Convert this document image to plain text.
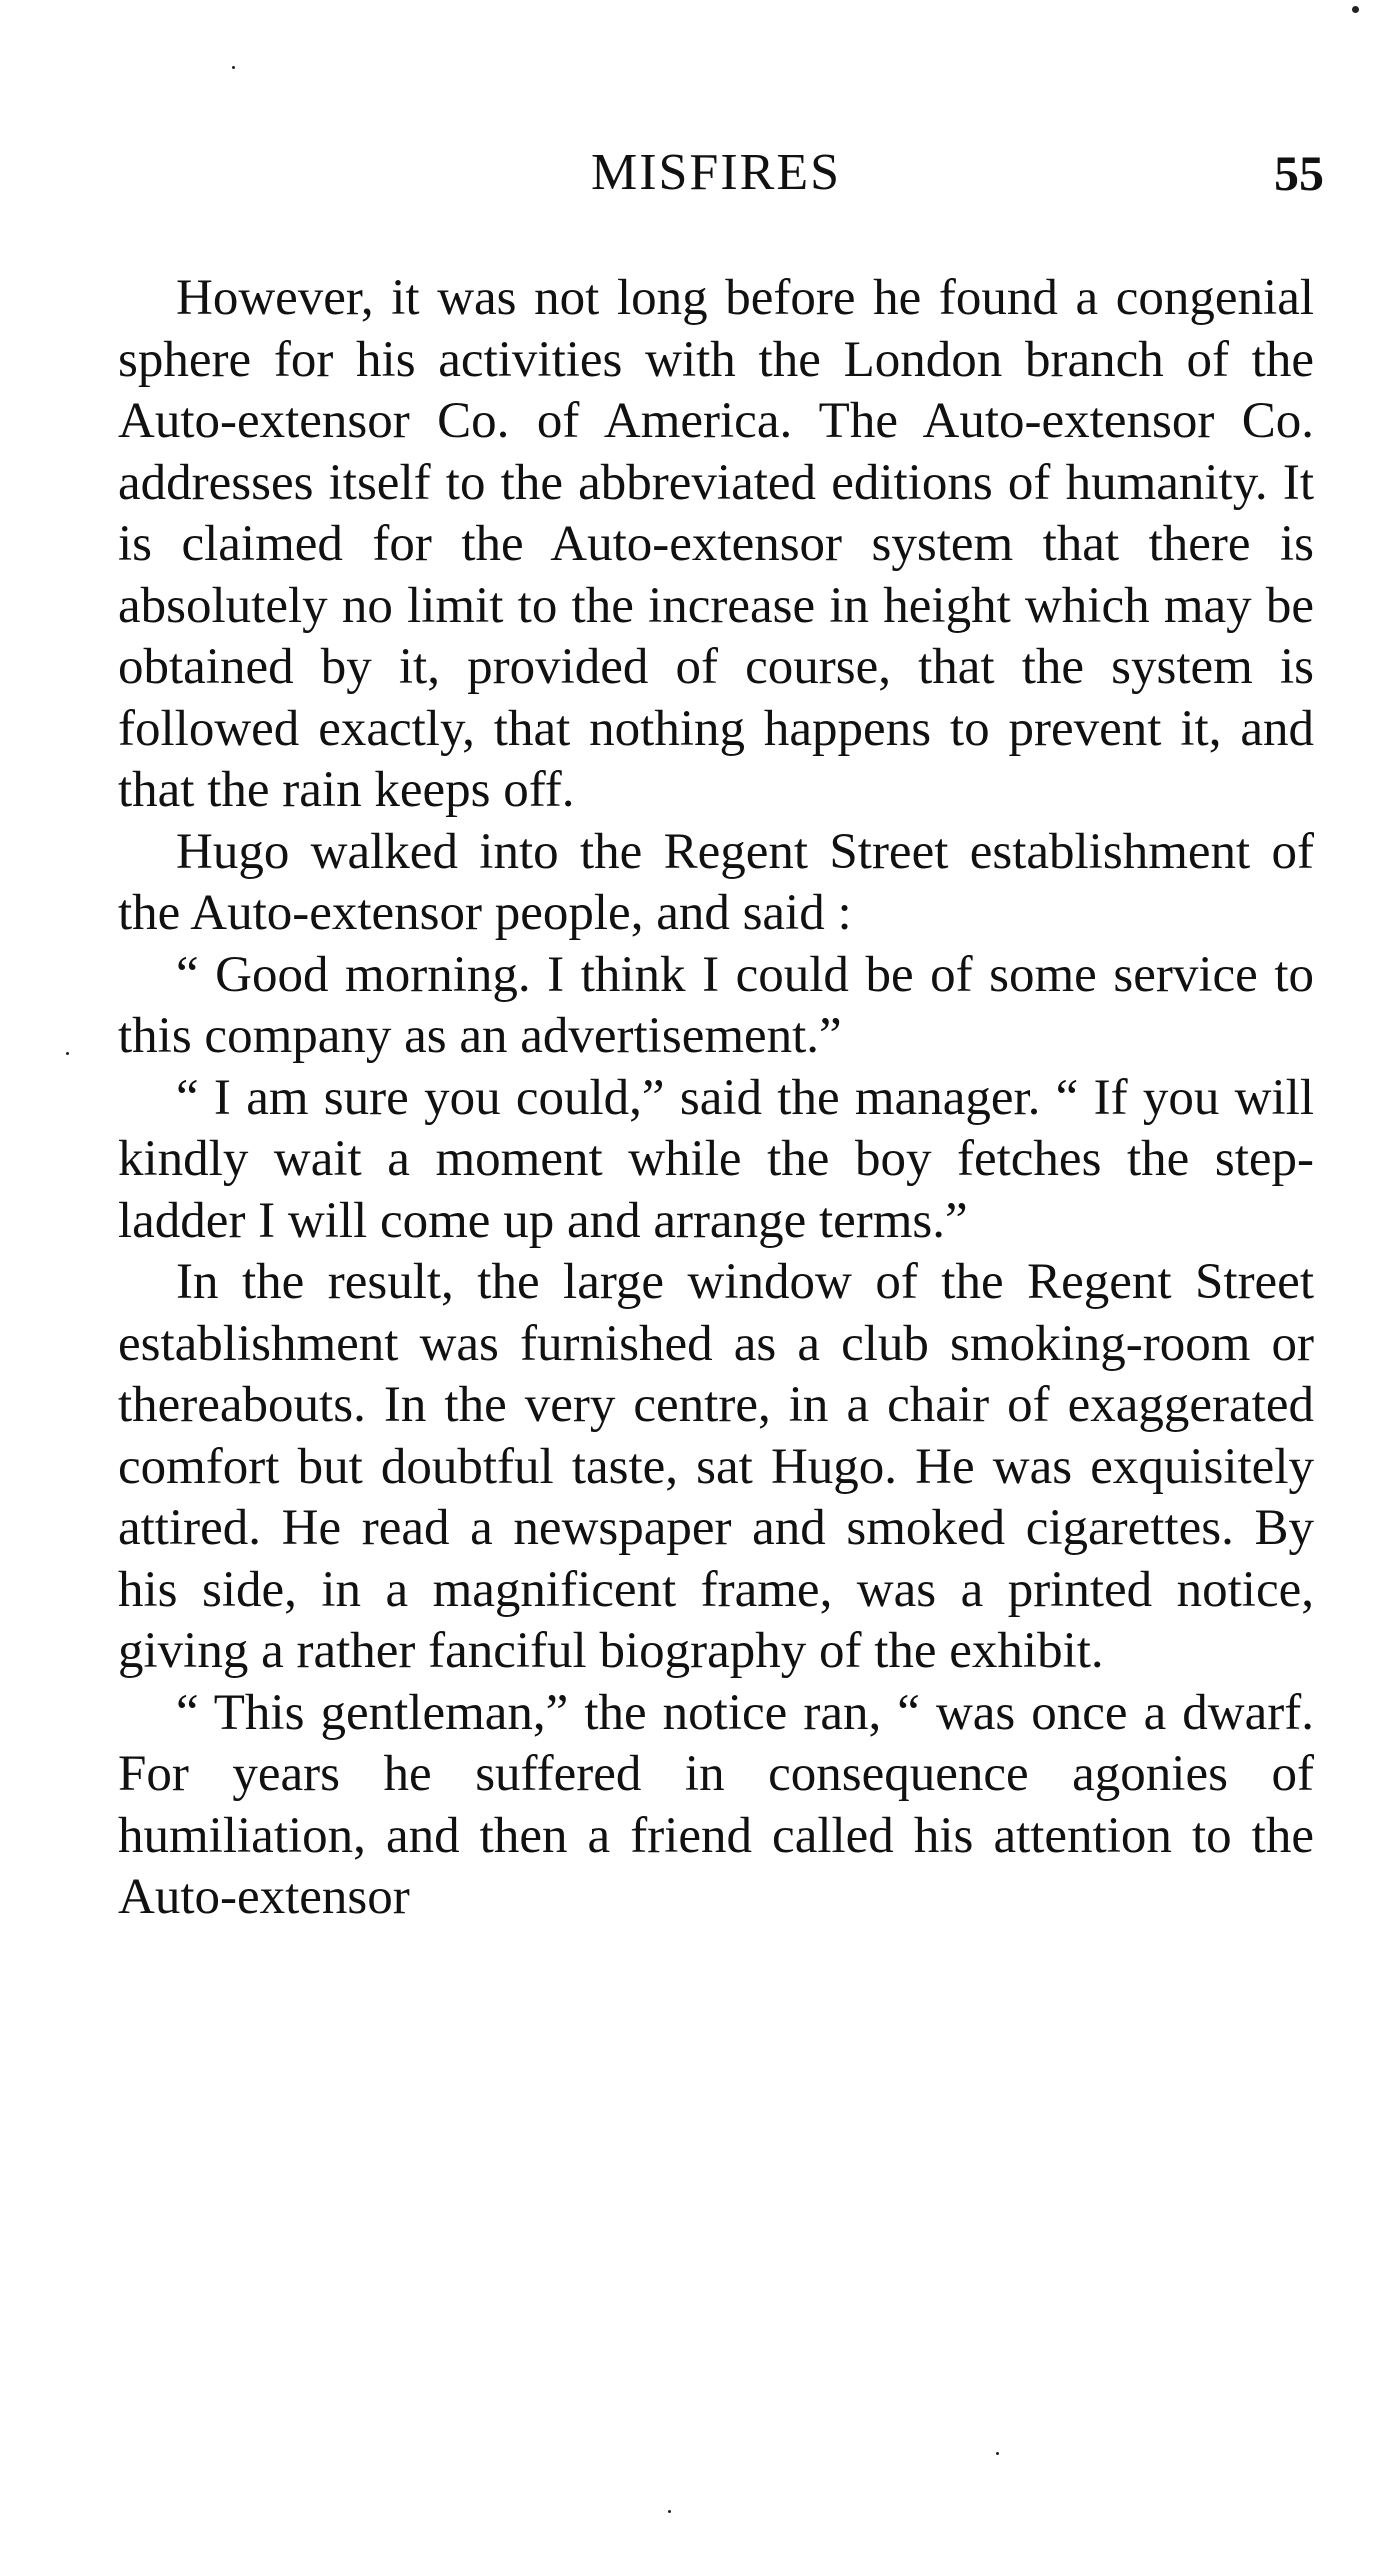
MISFIRES	55

However, it was not long before he found a congenial sphere for his activities with the London branch of the Auto-extensor Co. of America. The Auto-extensor Co. addresses itself to the abbreviated editions of humanity. It is claimed for the Auto-extensor system that there is absolutely no limit to the increase in height which may be obtained by it, provided of course, that the system is followed exactly, that nothing happens to prevent it, and that the rain keeps off.

Hugo walked into the Regent Street establishment of the Auto-extensor people, and said :

“ Good morning. I think I could be of some service to this company as an advertisement.”

“ I am sure you could,” said the manager. “ If you will kindly wait a moment while the boy fetches the step-ladder I will come up and arrange terms.”

In the result, the large window of the Regent Street establishment was furnished as a club smoking-room or thereabouts. In the very centre, in a chair of exaggerated comfort but doubtful taste, sat Hugo. He was exquisitely attired. He read a newspaper and smoked cigarettes. By his side, in a magnificent frame, was a printed notice, giving a rather fanciful biography of the exhibit.

“ This gentleman,” the notice ran, “ was once a dwarf. For years he suffered in consequence agonies of humiliation, and then a friend called his attention to the Auto-extensor
